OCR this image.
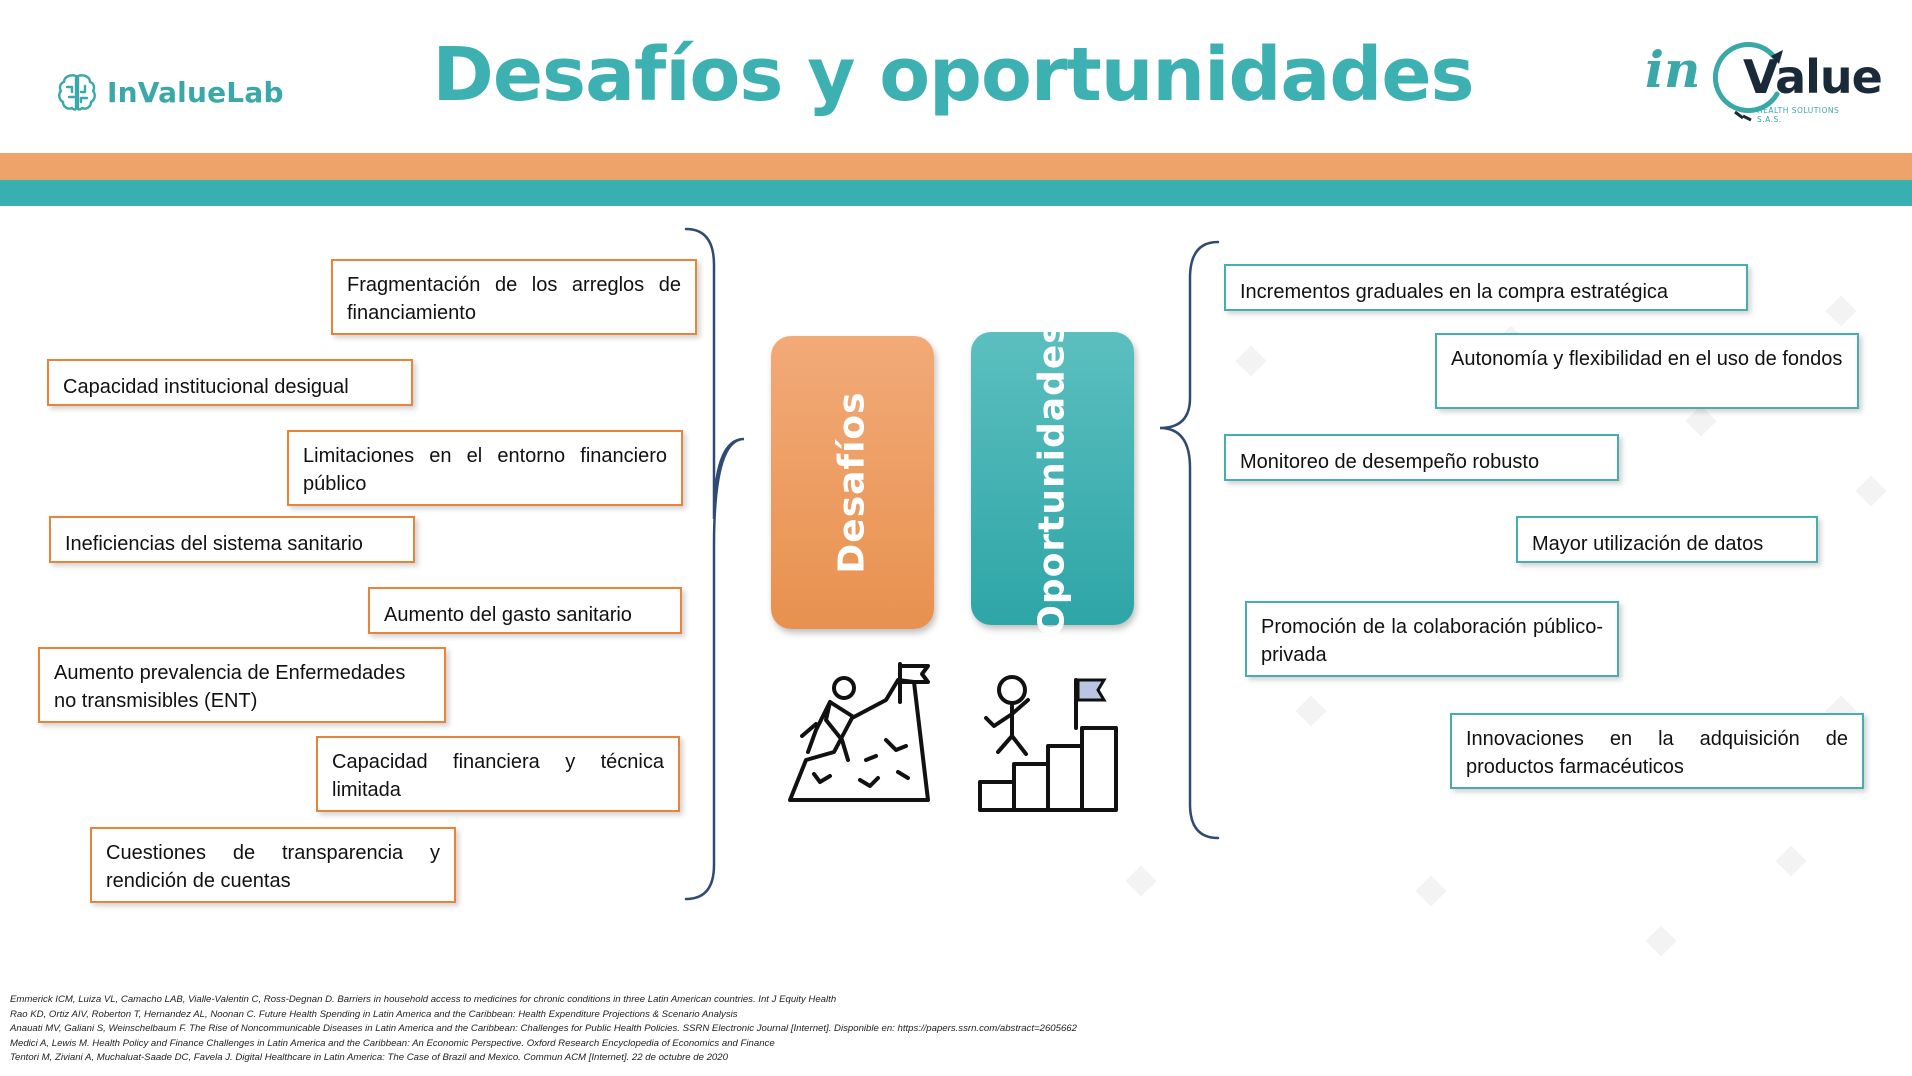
InValueLab	Desafíos y oportunidades	in Value
HEALTH SOLUTIONS S.A.S.
Fragmentación de los arreglos de financiamiento
Capacidad institucional desigual
Limitaciones en el entorno financiero público
Ineficiencias del sistema sanitario
Aumento del gasto sanitario
Aumento prevalencia de Enfermedades no transmisibles (ENT)
Capacidad financiera y técnica limitada
Cuestiones de transparencia y rendición de cuentas
Desafíos	Oportunidades
Incrementos graduales en la compra estratégica
Autonomía y flexibilidad en el uso de fondos
Monitoreo de desempeño robusto
Mayor utilización de datos
Promoción de la colaboración público-privada
Innovaciones en la adquisición de productos farmacéuticos
Emmerick ICM, Luiza VL, Camacho LAB, Vialle-Valentin C, Ross-Degnan D. Barriers in household access to medicines for chronic conditions in three Latin American countries. Int J Equity Health
Rao KD, Ortiz AIV, Roberton T, Hernandez AL, Noonan C. Future Health Spending in Latin America and the Caribbean: Health Expenditure Projections & Scenario Analysis
Anauati MV, Galiani S, Weinschelbaum F. The Rise of Noncommunicable Diseases in Latin America and the Caribbean: Challenges for Public Health Policies. SSRN Electronic Journal [Internet]. Disponible en: https://papers.ssrn.com/abstract=2605662
Medici A, Lewis M. Health Policy and Finance Challenges in Latin America and the Caribbean: An Economic Perspective. Oxford Research Encyclopedia of Economics and Finance
Tentori M, Ziviani A, Muchaluat-Saade DC, Favela J. Digital Healthcare in Latin America: The Case of Brazil and Mexico. Commun ACM [Internet]. 22 de octubre de 2020
